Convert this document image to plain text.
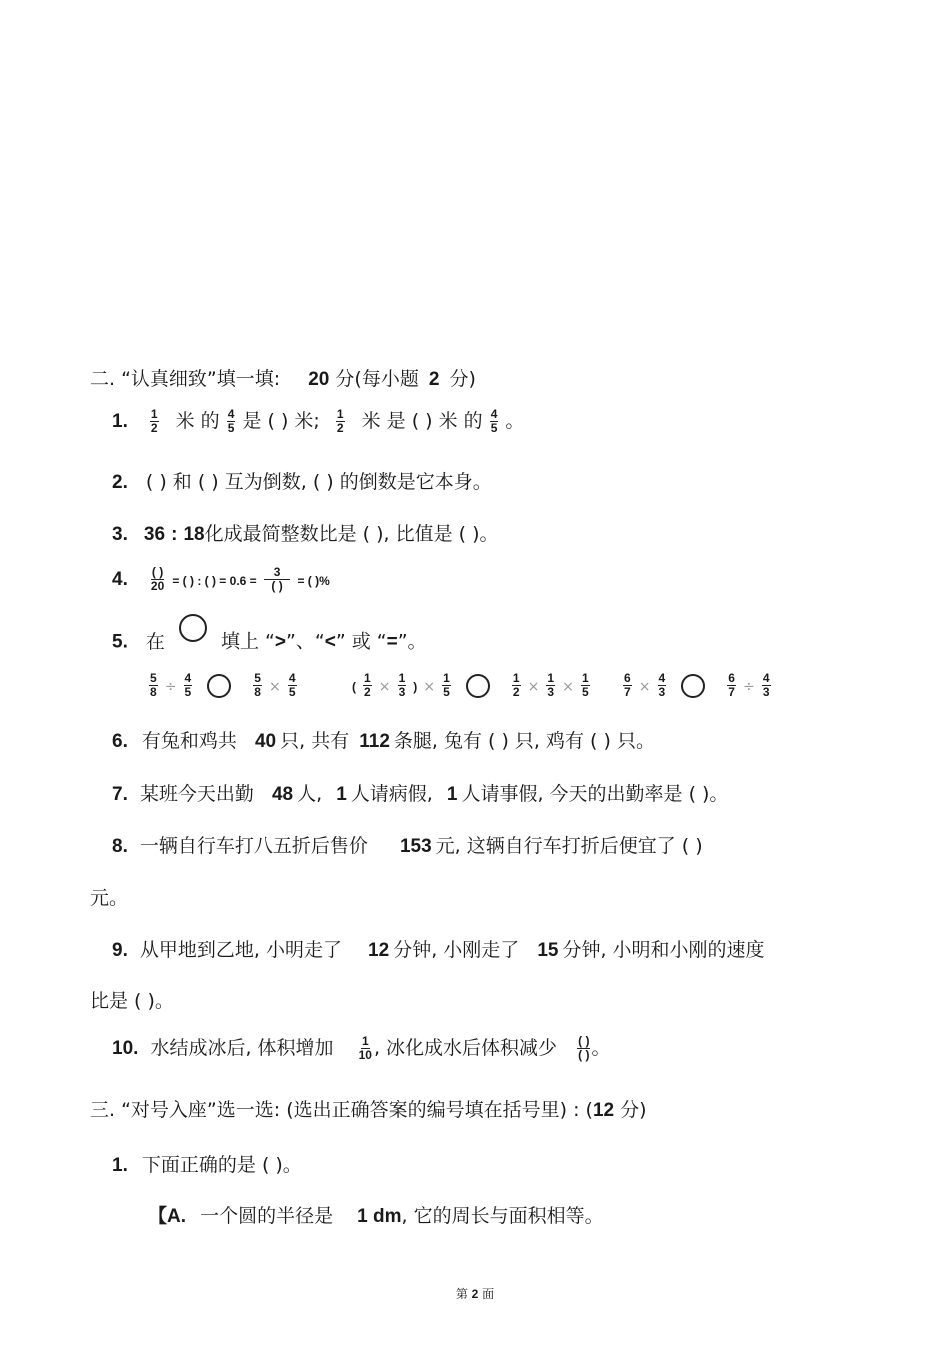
二. “认真细致”填一填: 20 分(每小题 2 分)
1. $\frac{1}{2}$ 米 的 $\frac{4}{5}$ 是 ( ) 米; $\frac{1}{2}$ 米 是 ( ) 米 的 $\frac{4}{5}$ 。
2. ( ) 和 ( ) 互为倒数, ( ) 的倒数是它本身。
3. 36 : 18化成最简整数比是 ( ), 比值是 ( )。
4. $\frac{( )}{20}$ = ( ) : ( ) = $0.6 = \frac{3}{( )}$ = ( )%
5. 在	填上 “>”、“<” 或 “=”。
$\frac{5}{8} \div \frac{4}{5}$
	$\frac{5}{8} \times \frac{4}{5}$	( $\frac{1}{2} \times \frac{1}{3}$ ) × $\frac{1}{5}$
	$\frac{1}{2} \times \frac{1}{3} \times \frac{1}{5}$	$\frac{6}{7} \times \frac{4}{3}$
	$\frac{6}{7} \div \frac{4}{3}$
6. 有兔和鸡共 40 只, 共有 112 条腿, 兔有 ( ) 只, 鸡有 ( ) 只。
7. 某班今天出勤 48 人, 1 人请病假, 1 人请事假, 今天的出勤率是 ( )。
8. 一辆自行车打八五折后售价 153 元, 这辆自行车打折后便宜了 ( )
元。
9. 从甲地到乙地, 小明走了 12 分钟, 小刚走了 15 分钟, 小明和小刚的速度
比是 ( )。
10. 水结成冰后, 体积增加 $\frac{1}{10}$ , 冰化成水后体积减少 $\frac{( )}{( )}$ 。
三. “对号入座”选一选: (选出正确答案的编号填在括号里) : (12 分)
1. 下面正确的是 ( )。
【A. 一个圆的半径是 1 dm, 它的周长与面积相等。
第 2 面
